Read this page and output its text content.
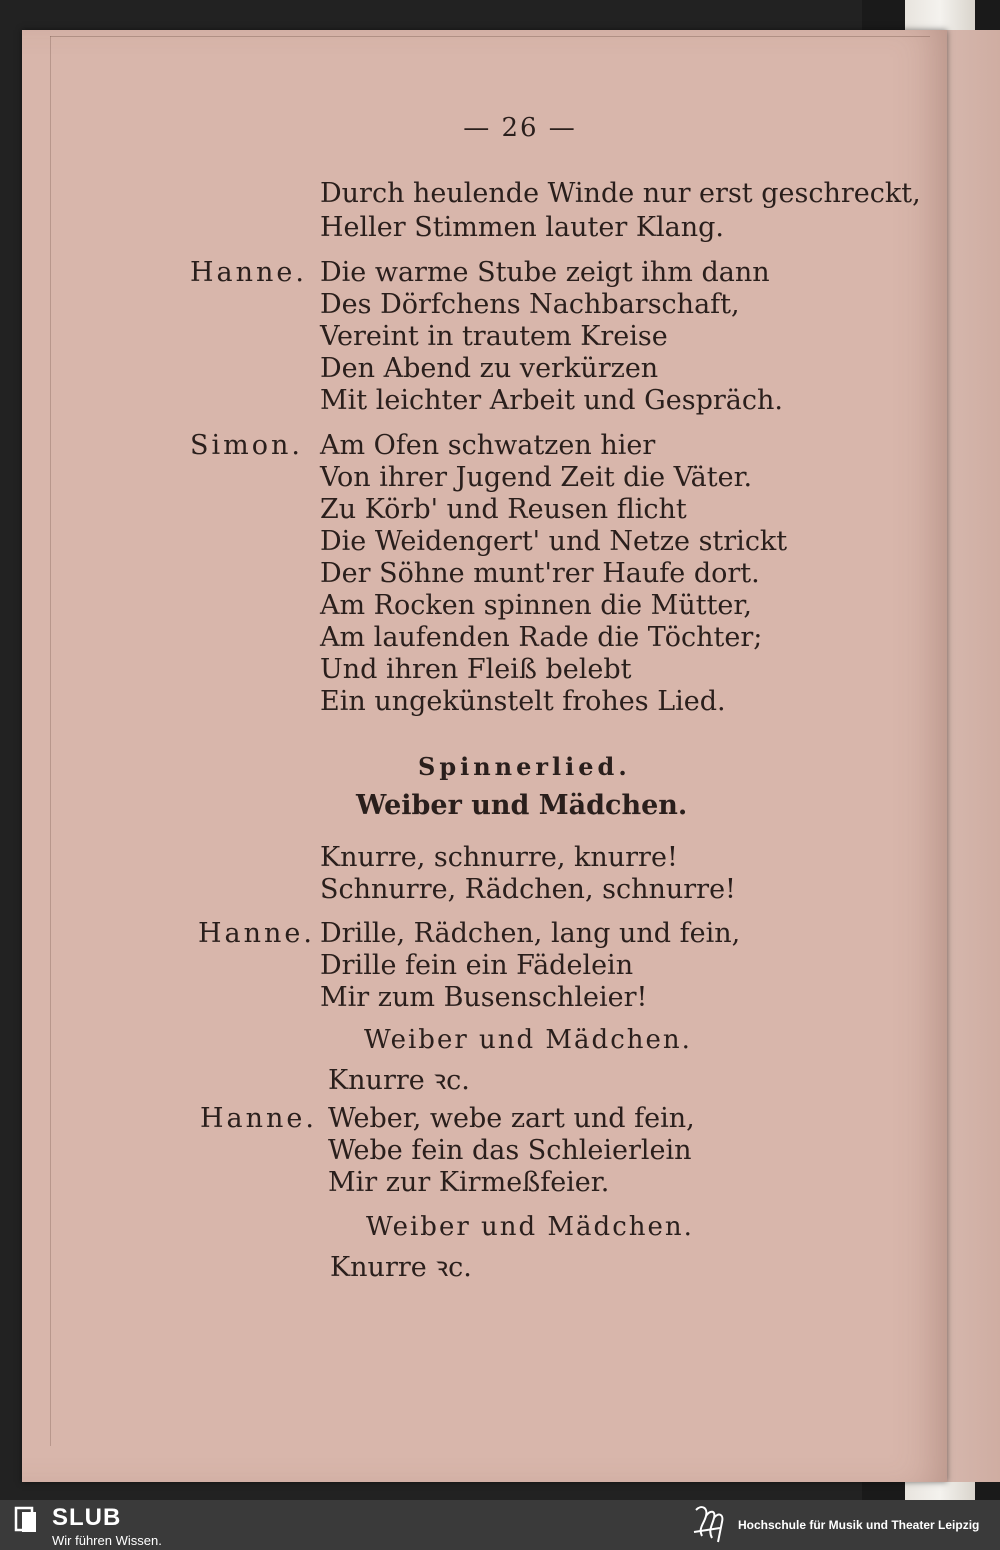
— 26 —
Durch heulende Winde nur erst geschreckt,
Heller Stimmen lauter Klang.
Hanne. Die warme Stube zeigt ihm dann
Des Dörfchens Nachbarschaft,
Vereint in trautem Kreise
Den Abend zu verkürzen
Mit leichter Arbeit und Gespräch.
Simon. Am Ofen schwatzen hier
Von ihrer Jugend Zeit die Väter.
Zu Körb' und Reusen flicht
Die Weidengert' und Netze strickt
Der Söhne munt'rer Haufe dort.
Am Rocken spinnen die Mütter,
Am laufenden Rade die Töchter;
Und ihren Fleiß belebt
Ein ungekünstelt frohes Lied.
Spinnerlied.
Weiber und Mädchen.
Knurre, schnurre, knurre!
Schnurre, Rädchen, schnurre!
Hanne. Drille, Rädchen, lang und fein,
Drille fein ein Fädelein
Mir zum Busenschleier!
Weiber und Mädchen.
Knurre ꝛc.
Hanne. Weber, webe zart und fein,
Webe fein das Schleierlein
Mir zur Kirmeßfeier.
Weiber und Mädchen.
Knurre ꝛc.
SLUB
Wir führen Wissen.
Hochschule für Musik und Theater Leipzig
